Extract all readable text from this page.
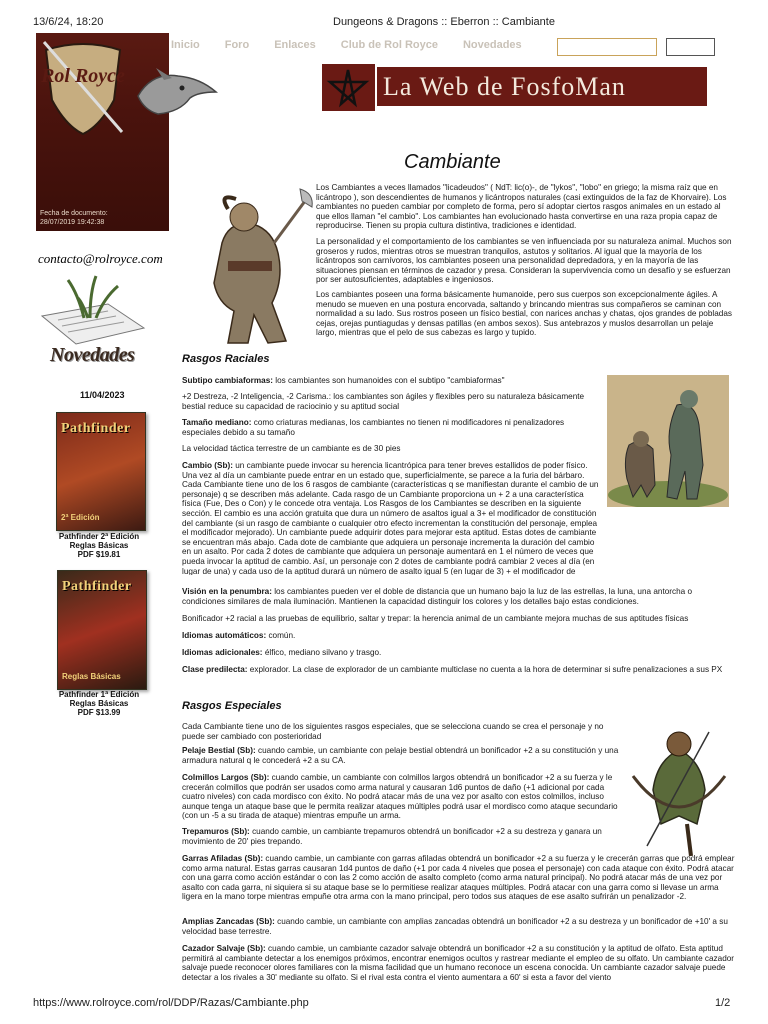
13/6/24, 18:20	Dungeons & Dragons :: Eberron :: Cambiante
https://www.rolroyce.com/rol/DDP/Razas/Cambiante.php	1/2
Rol Royce
Fecha de documento:
28/07/2019 19:42:38
contacto@rolroyce.com
Novedades
11/04/2023
Pathfinder
2ª Edición
Pathfinder 2ª Edición
Reglas Básicas
PDF $19.81
Pathfinder
Reglas Básicas
Pathfinder 1ª Edición
Reglas Básicas
PDF $13.99
Inicio Foro Enlaces Club de Rol Royce Novedades
La Web de FosfoMan
Cambiante

Los Cambiantes a veces llamados "licadeudos" ( NdT: lic(o)-, de "lykos", "lobo" en griego; la misma raíz que en licántropo ), son descendientes de humanos y licántropos naturales (casi extinguidos de la faz de Khorvaire). Los cambiantes no pueden cambiar por completo de forma, pero sí adoptar ciertos rasgos animales en un estado al que ellos llaman "el cambio". Los cambiantes han evolucionado hasta convertirse en una raza propia capaz de reproducirse. Tienen su propia cultura distintiva, tradiciones e identidad.

La personalidad y el comportamiento de los cambiantes se ven influenciada por su naturaleza animal. Muchos son groseros y rudos, mientras otros se muestran tranquilos, astutos y solitarios. Al igual que la mayoría de los licántropos son carnívoros, los cambiantes poseen una personalidad depredadora, y en la mayoría de las situaciones piensan en términos de cazador y presa. Consideran la supervivencia como un desafío y se esfuerzan por ser autosuficientes, adaptables e ingeniosos.

Los cambiantes poseen una forma básicamente humanoide, pero sus cuerpos son excepcionalmente ágiles. A menudo se mueven en una postura encorvada, saltando y brincando mientras sus compañeros se caminan con normalidad a su lado. Sus rostros poseen un físico bestial, con narices anchas y chatas, ojos grandes de pobladas cejas, orejas puntiagudas y densas patillas (en ambos sexos). Sus antebrazos y muslos desarrollan un pelaje largo, mientras que el pelo de sus cabezas es largo y tupido.

Rasgos Raciales

Subtipo cambiaformas: los cambiantes son humanoides con el subtipo "cambiaformas"

+2 Destreza, -2 Inteligencia, -2 Carisma.: los cambiantes son ágiles y flexibles pero su naturaleza básicamente bestial reduce su capacidad de raciocinio y su aptitud social

Tamaño mediano: como criaturas medianas, los cambiantes no tienen ni modificadores ni penalizadores especiales debido a su tamaño

La velocidad táctica terrestre de un cambiante es de 30 pies

Cambio (Sb): un cambiante puede invocar su herencia licantrópica para tener breves estallidos de poder físico. Una vez al día un cambiante puede entrar en un estado que, superficialmente, se parece a la furia del bárbaro. Cada Cambiante tiene uno de los 6 rasgos de cambiante (características q se manifiestan durante el cambio de un personaje) q se describen más adelante. Cada rasgo de un Cambiante proporciona un + 2 a una característica física (Fue, Des o Con) y le concede otra ventaja. Los Rasgos de los Cambiantes se describen en la siguiente sección. El cambio es una acción gratuita que dura un número de asaltos igual a 3+ el modificador de constitución del cambiante (si un rasgo de cambiante o cualquier otro efecto incrementan la constitución del personaje, emplea el modificador mejorado). Un cambiante puede adquirir dotes para mejorar esta aptitud. Estas dotes de cambiante se encuentran más abajo. Cada dote de cambiante que adquiera un personaje incrementa la duración del cambio en un asalto. Por cada 2 dotes de cambiante que adquiera un personaje aumentará en 1 el número de veces que pueda invocar la aptitud de cambio. Así, un personaje con 2 dotes de cambiante podrá cambiar 2 veces al día (en lugar de una) y cada uso de la aptitud durará un número de asalto igual 5 (en lugar de 3) + el modificador de

Visión en la penumbra: los cambiantes pueden ver el doble de distancia que un humano bajo la luz de las estrellas, la luna, una antorcha o condiciones similares de mala iluminación. Mantienen la capacidad distinguir los colores y los detalles bajo estas condiciones.

Bonificador +2 racial a las pruebas de equilibrio, saltar y trepar: la herencia animal de un cambiante mejora muchas de sus aptitudes físicas

Idiomas automáticos: común.

Idiomas adicionales: élfico, mediano silvano y trasgo.

Clase predilecta: explorador. La clase de explorador de un cambiante multiclase no cuenta a la hora de determinar si sufre penalizaciones a sus PX

Rasgos Especiales

Cada Cambiante tiene uno de los siguientes rasgos especiales, que se selecciona cuando se crea el personaje y no puede ser cambiado con posterioridad

Pelaje Bestial (Sb): cuando cambie, un cambiante con pelaje bestial obtendrá un bonificador +2 a su constitución y una armadura natural q le concederá +2 a su CA.

Colmillos Largos (Sb): cuando cambie, un cambiante con colmillos largos obtendrá un bonificador +2 a su fuerza y le crecerán colmillos que podrán ser usados como arma natural y causaran 1d6 puntos de daño (+1 adicional por cada cuatro niveles) con cada mordisco con éxito. No podrá atacar más de una vez por asalto con estos colmillos, incluso aunque tenga un ataque base que le permita realizar ataques múltiples podrá usar el mordisco como ataque secundario (con un -5 a su tirada de ataque) mientras empuñe un arma.

Trepamuros (Sb): cuando cambie, un cambiante trepamuros obtendrá un bonificador +2 a su destreza y ganara un movimiento de 20' pies trepando.

Garras Afiladas (Sb): cuando cambie, un cambiante con garras afiladas obtendrá un bonificador +2 a su fuerza y le crecerán garras que podrá emplear como arma natural. Estas garras causaran 1d4 puntos de daño (+1 por cada 4 niveles que posea el personaje) con cada ataque con éxito. Podrá atacar con una garra como acción estándar o con las 2 como acción de asalto completo (como arma natural principal). No podrá atacar más de una vez por asalto con cada garra, ni siquiera si su ataque base se lo permitiese realizar ataques múltiples. Podrá atacar con una garra como si llevase un arma ligera en la mano torpe mientras empuñe otra arma con la mano principal, pero todos sus ataques de ese asalto sufrirán un penalizador -2.

Amplias Zancadas (Sb): cuando cambie, un cambiante con amplias zancadas obtendrá un bonificador +2 a su destreza y un bonificador de +10' a su velocidad base terrestre.

Cazador Salvaje (Sb): cuando cambie, un cambiante cazador salvaje obtendrá un bonificador +2 a su constitución y la aptitud de olfato. Esta aptitud permitirá al cambiante detectar a los enemigos próximos, encontrar enemigos ocultos y rastrear mediante el empleo de su olfato. Un cambiante cazador salvaje puede reconocer olores familiares con la misma facilidad que un humano reconoce un escena conocida. Un cambiante cazador salvaje puede detectar a los rivales a 30' mediante su olfato. Si el rival esta contra el viento aumentara a 60' si esta a favor del viento
